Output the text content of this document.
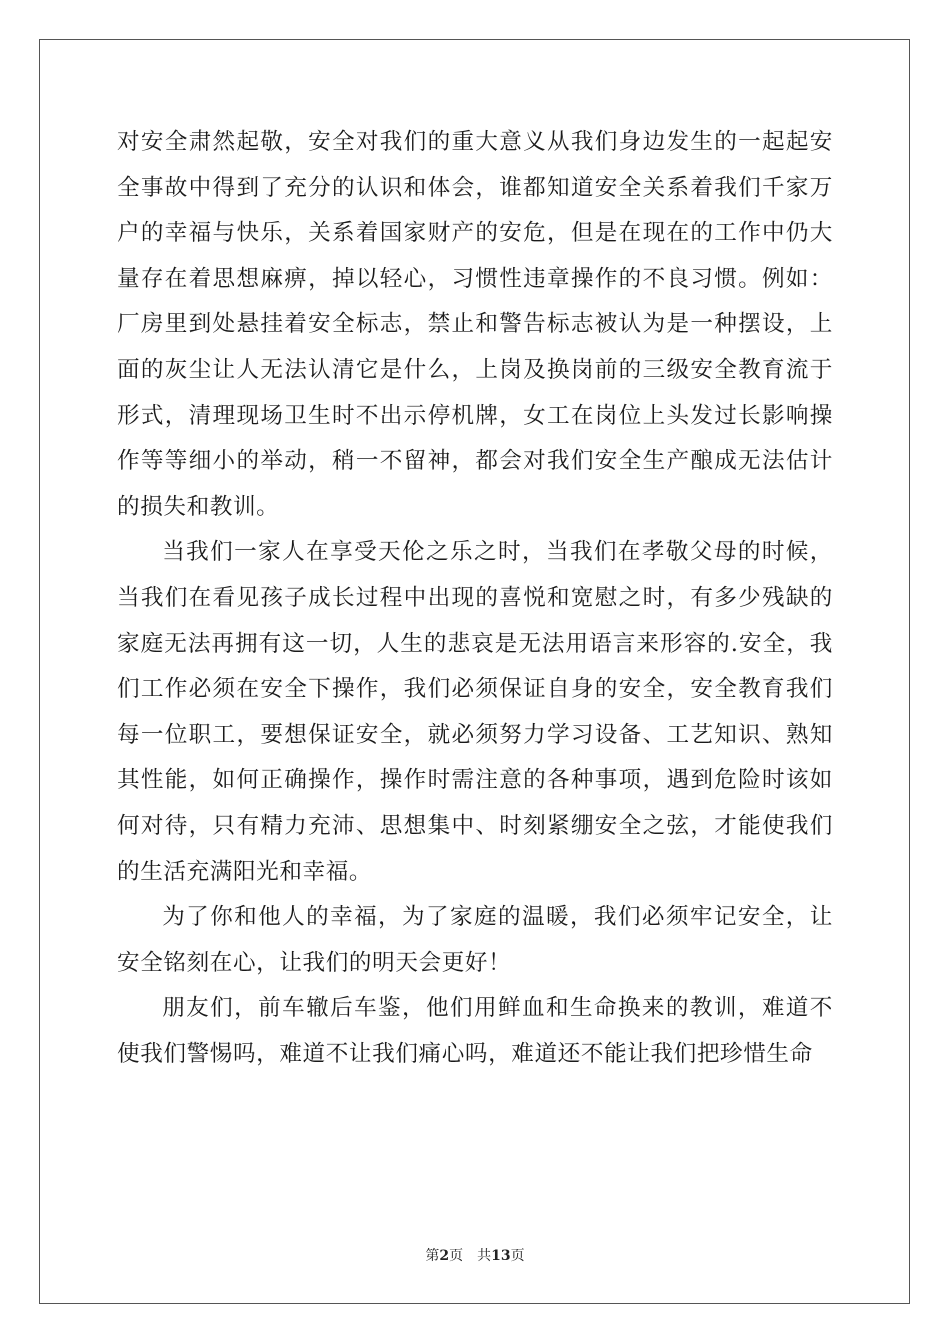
对安全肃然起敬，安全对我们的重大意义从我们身边发生的一起起安全事故中得到了充分的认识和体会，谁都知道安全关系着我们千家万户的幸福与快乐，关系着国家财产的安危，但是在现在的工作中仍大量存在着思想麻痹，掉以轻心，习惯性违章操作的不良习惯。例如：厂房里到处悬挂着安全标志，禁止和警告标志被认为是一种摆设，上面的灰尘让人无法认清它是什么，上岗及换岗前的三级安全教育流于形式，清理现场卫生时不出示停机牌，女工在岗位上头发过长影响操作等等细小的举动，稍一不留神，都会对我们安全生产酿成无法估计的损失和教训。

当我们一家人在享受天伦之乐之时，当我们在孝敬父母的时候，当我们在看见孩子成长过程中出现的喜悦和宽慰之时，有多少残缺的家庭无法再拥有这一切，人生的悲哀是无法用语言来形容的.安全，我们工作必须在安全下操作，我们必须保证自身的安全，安全教育我们每一位职工，要想保证安全，就必须努力学习设备、工艺知识、熟知其性能，如何正确操作，操作时需注意的各种事项，遇到危险时该如何对待，只有精力充沛、思想集中、时刻紧绷安全之弦，才能使我们的生活充满阳光和幸福。

为了你和他人的幸福，为了家庭的温暖，我们必须牢记安全，让安全铭刻在心，让我们的明天会更好！

朋友们，前车辙后车鉴，他们用鲜血和生命换来的教训，难道不使我们警惕吗，难道不让我们痛心吗，难道还不能让我们把珍惜生命

第2页 共13页
